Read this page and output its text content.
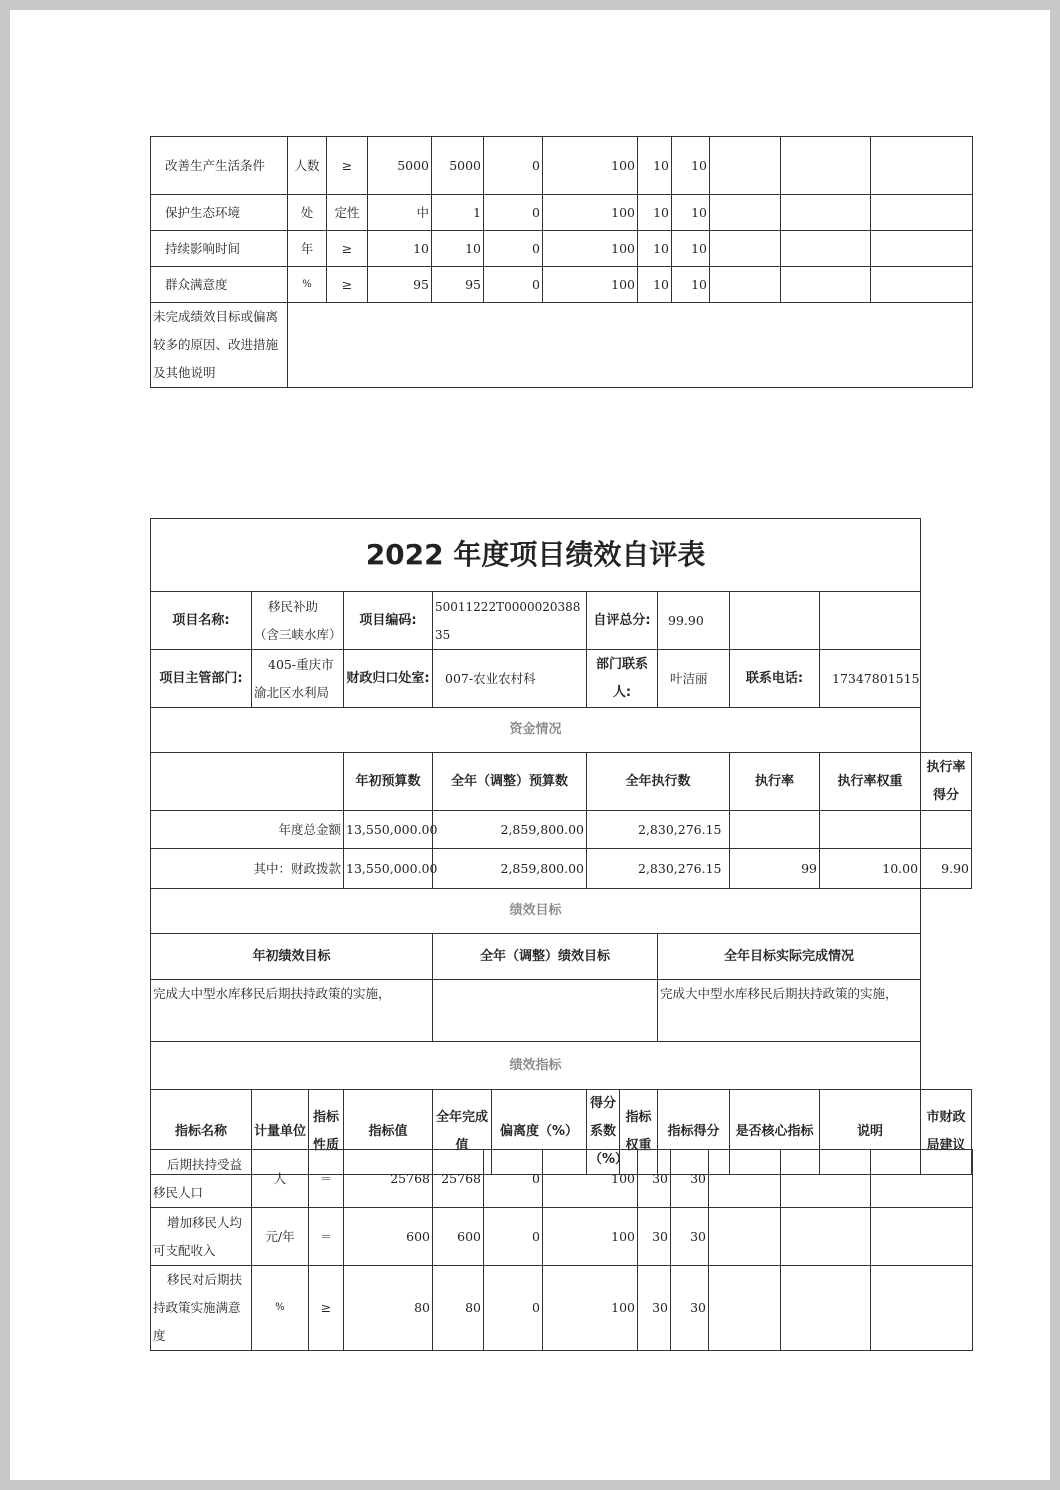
改善生产生活条件	人数	≥	5000	5000	0	100	10	10			
保护生态环境	处	定性	中	1	0	100	10	10			
持续影响时间	年	≥	10	10	0	100	10	10			
群众满意度	%	≥	95	95	0	100	10	10			
未完成绩效目标或偏离较多的原因、改进措施及其他说明											
2022 年度项目绩效自评表											
项目名称:	移民补助（含三峡水库）		项目编码:	50011222T000002038835		自评总分:		99.90			
项目主管部门:	405-重庆市渝北区水利局		财政归口处室:	007-农业农村科		部门联系人:		叶洁丽	联系电话:	17347801515	
资金情况											
			年初预算数	全年（调整）预算数		全年执行数			执行率	执行率权重	执行率得分
年度总金额			13,550,000.00	2,859,800.00		2,830,276.15					
其中：财政拨款			13,550,000.00	2,859,800.00		2,830,276.15			99	10.00	9.90
绩效目标											
年初绩效目标				全年（调整）绩效目标				全年目标实际完成情况			
完成大中型水库移民后期扶持政策的实施，								完成大中型水库移民后期扶持政策的实施，			
绩效指标											
指标名称	计量单位	指标性质	指标值	全年完成值	偏离度（%）	得分系数（%）	指标权重	指标得分	是否核心指标	说明	市财政局建议
后期扶持受益移民人口	人	＝	25768	25768	0	100	30	30			
增加移民人均可支配收入	元/年	＝	600	600	0	100	30	30			
移民对后期扶持政策实施满意度	%	≥	80	80	0	100	30	30			
